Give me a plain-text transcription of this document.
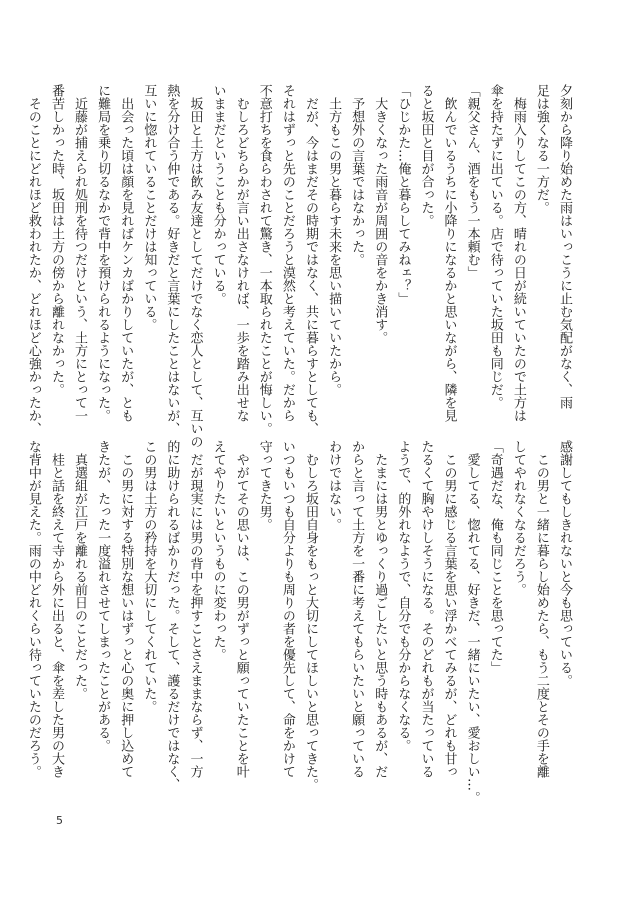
夕刻から降り始めた雨はいっこうに止む気配がなく、雨
足は強くなる一方だ。
　梅雨入りしてこの方、晴れの日が続いていたので土方は
傘を持たずに出ている。店で待っていた坂田も同じだ。
「親父さん、酒をもう一本頼む」
　飲んでいるうちに小降りになるかと思いながら、隣を見
ると坂田と目が合った。
「ひじかた…俺と暮らしてみねェ？」
　大きくなった雨音が周囲の音をかき消す。
　予想外の言葉ではなかった。
　土方もこの男と暮らす未来を思い描いていたから。
　だが、今はまだその時期ではなく、共に暮らすとしても、
それはずっと先のことだろうと漠然と考えていた。だから
不意打ちを食らわされて驚き、一本取られたことが悔しい。
　むしろどちらかが言い出さなければ、一歩を踏み出せな
いままだということも分かっている。
　坂田と土方は飲み友達としてだけでなく恋人として、互いの
熱を分け合う仲である。好きだと言葉にしたことはないが、
互いに惚れていることだけは知っている。
　出会った頃は顔を見ればケンカばかりしていたが、とも
に難局を乗り切るなかで背中を預けられるようになった。
　近藤が捕えられ処刑を待つだけという、土方にとって一
番苦しかった時、坂田は土方の傍から離れなかった。
　そのことにどれほど救われたか、どれほど心強かったか、
感謝してもしきれないと今も思っている。
　この男と一緒に暮らし始めたら、もう二度とその手を離
してやれなくなるだろう。
「奇遇だな、俺も同じことを思ってた」
　愛してる、惚れてる、好きだ、一緒にいたい、愛おしい…。
　この男に感じる言葉を思い浮かべてみるが、どれも甘っ
たるくて胸やけしそうになる。そのどれもが当たっている
ようで、的外れなようで、自分でも分からなくなる。
　たまには男とゆっくり過ごしたいと思う時もあるが、だ
からと言って土方を一番に考えてもらいたいと願っている
わけではない。
　むしろ坂田自身をもっと大切にしてほしいと思ってきた。
いつもいつも自分よりも周りの者を優先して、命をかけて
守ってきた男。
　やがてその思いは、この男がずっと願っていたことを叶
えてやりたいというものに変わった。
　だが現実には男の背中を押すことさえままならず、一方
的に助けられるばかりだった。そして、護るだけではなく、
この男は土方の矜持を大切にしてくれていた。
　この男に対する特別な想いはずっと心の奥に押し込めて
きたが、たった一度溢れさせてしまったことがある。
　真選組が江戸を離れる前日のことだった。
　桂と話を終えて寺から外に出ると、傘を差した男の大き
な背中が見えた。雨の中どれくらい待っていたのだろう。
5
